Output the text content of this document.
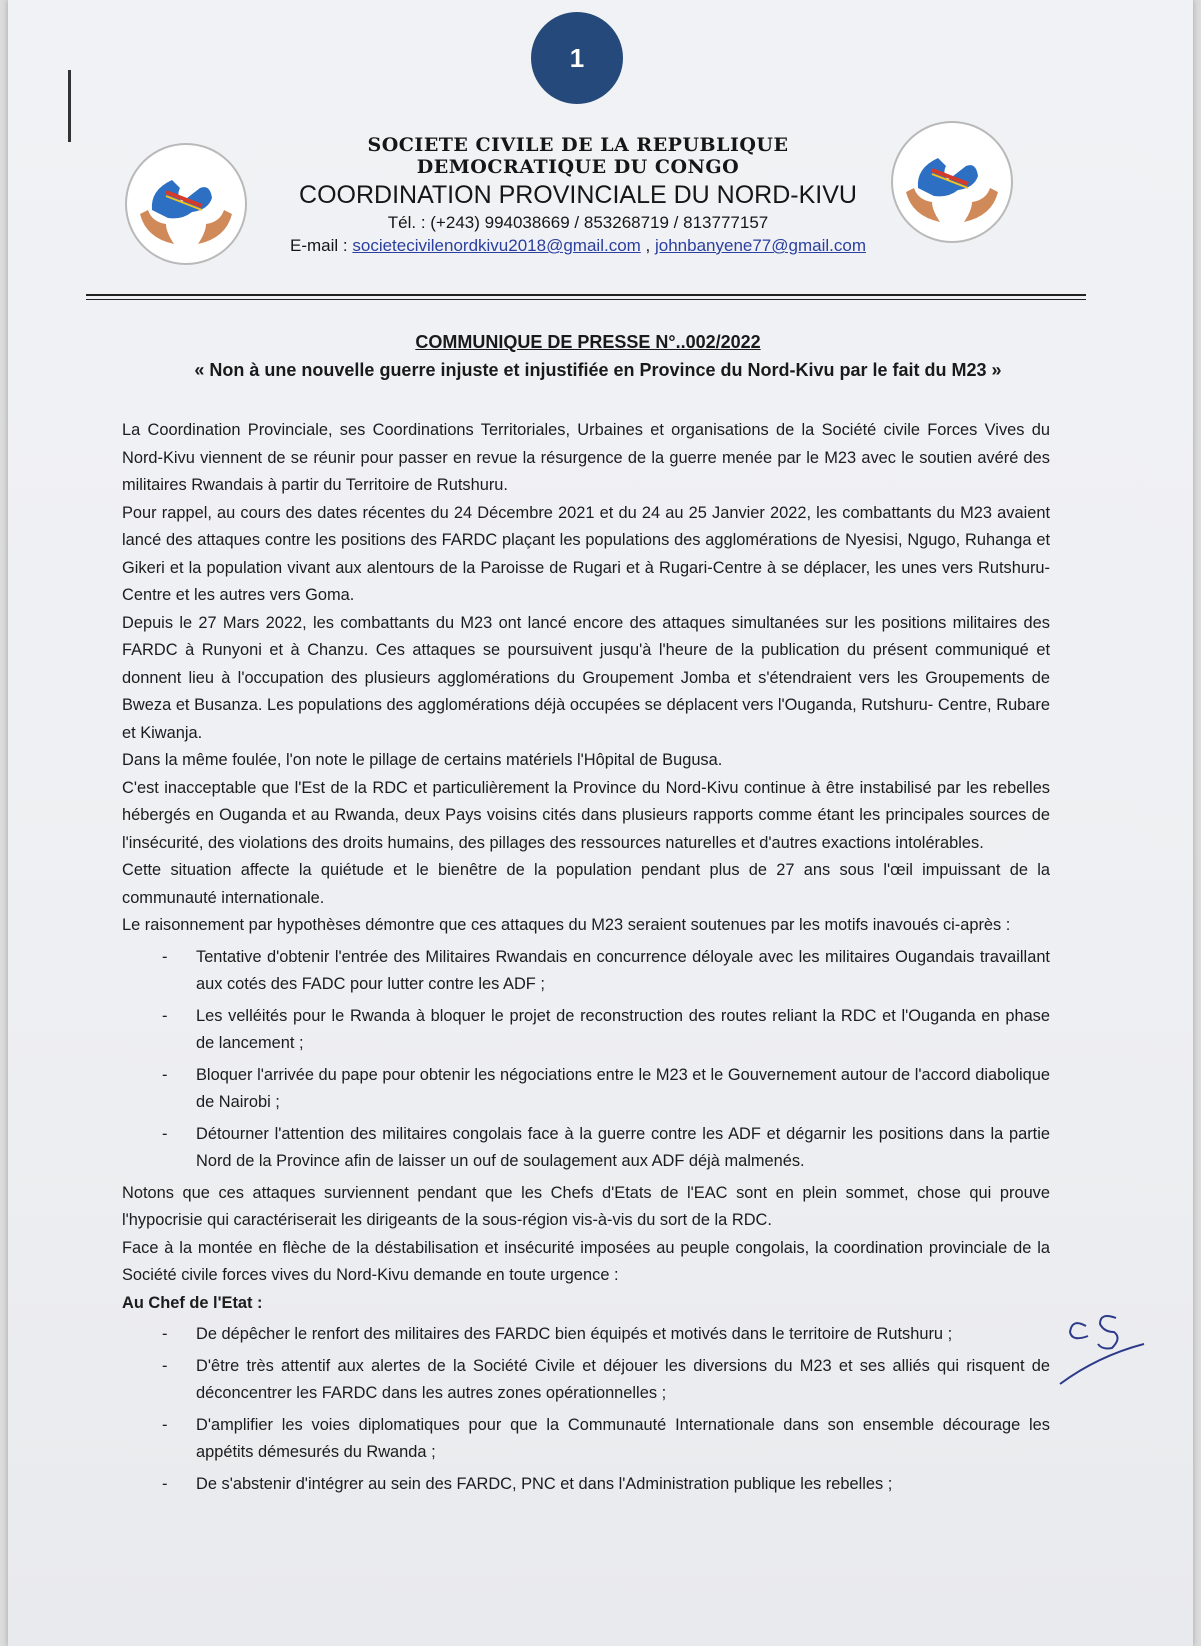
1
SOCIETE CIVILE DE LA REPUBLIQUE
DEMOCRATIQUE DU CONGO
COORDINATION PROVINCIALE DU NORD-KIVU
Tél. : (+243) 994038669 / 853268719 / 813777157
E-mail : societecivilenordkivu2018@gmail.com , johnbanyene77@gmail.com
COMMUNIQUE DE PRESSE N°..002/2022
« Non à une nouvelle guerre injuste et injustifiée en Province du Nord-Kivu par le fait du M23 »

La Coordination Provinciale, ses Coordinations Territoriales, Urbaines et organisations de la Société civile Forces Vives du Nord-Kivu viennent de se réunir pour passer en revue la résurgence de la guerre menée par le M23 avec le soutien avéré des militaires Rwandais à partir du Territoire de Rutshuru.

Pour rappel, au cours des dates récentes du 24 Décembre 2021 et du 24 au 25 Janvier 2022, les combattants du M23 avaient lancé des attaques contre les positions des FARDC plaçant les populations des agglomérations de Nyesisi, Ngugo, Ruhanga et Gikeri et la population vivant aux alentours de la Paroisse de Rugari et à Rugari-Centre à se déplacer, les unes vers Rutshuru-Centre et les autres vers Goma.

Depuis le 27 Mars 2022, les combattants du M23 ont lancé encore des attaques simultanées sur les positions militaires des FARDC à Runyoni et à Chanzu. Ces attaques se poursuivent jusqu'à l'heure de la publication du présent communiqué et donnent lieu à l'occupation des plusieurs agglomérations du Groupement Jomba et s'étendraient vers les Groupements de Bweza et Busanza. Les populations des agglomérations déjà occupées se déplacent vers l'Ouganda, Rutshuru- Centre, Rubare et Kiwanja.

Dans la même foulée, l'on note le pillage de certains matériels l'Hôpital de Bugusa.

C'est inacceptable que l'Est de la RDC et particulièrement la Province du Nord-Kivu continue à être instabilisé par les rebelles hébergés en Ouganda et au Rwanda, deux Pays voisins cités dans plusieurs rapports comme étant les principales sources de l'insécurité, des violations des droits humains, des pillages des ressources naturelles et d'autres exactions intolérables.

Cette situation affecte la quiétude et le bienêtre de la population pendant plus de 27 ans sous l'œil impuissant de la communauté internationale.

Le raisonnement par hypothèses démontre que ces attaques du M23 seraient soutenues par les motifs inavoués ci-après :

- Tentative d'obtenir l'entrée des Militaires Rwandais en concurrence déloyale avec les militaires Ougandais travaillant aux cotés des FADC pour lutter contre les ADF ;
- Les velléités pour le Rwanda à bloquer le projet de reconstruction des routes reliant la RDC et l'Ouganda en phase de lancement ;
- Bloquer l'arrivée du pape pour obtenir les négociations entre le M23 et le Gouvernement autour de l'accord diabolique de Nairobi ;
- Détourner l'attention des militaires congolais face à la guerre contre les ADF et dégarnir les positions dans la partie Nord de la Province afin de laisser un ouf de soulagement aux ADF déjà malmenés.

Notons que ces attaques surviennent pendant que les Chefs d'Etats de l'EAC sont en plein sommet, chose qui prouve l'hypocrisie qui caractériserait les dirigeants de la sous-région vis-à-vis du sort de la RDC.

Face à la montée en flèche de la déstabilisation et insécurité imposées au peuple congolais, la coordination provinciale de la Société civile forces vives du Nord-Kivu demande en toute urgence :

Au Chef de l'Etat :

- De dépêcher le renfort des militaires des FARDC bien équipés et motivés dans le territoire de Rutshuru ;
- D'être très attentif aux alertes de la Société Civile et déjouer les diversions du M23 et ses alliés qui risquent de déconcentrer les FARDC dans les autres zones opérationnelles ;
- D'amplifier les voies diplomatiques pour que la Communauté Internationale dans son ensemble décourage les appétits démesurés du Rwanda ;
- De s'abstenir d'intégrer au sein des FARDC, PNC et dans l'Administration publique les rebelles ;
